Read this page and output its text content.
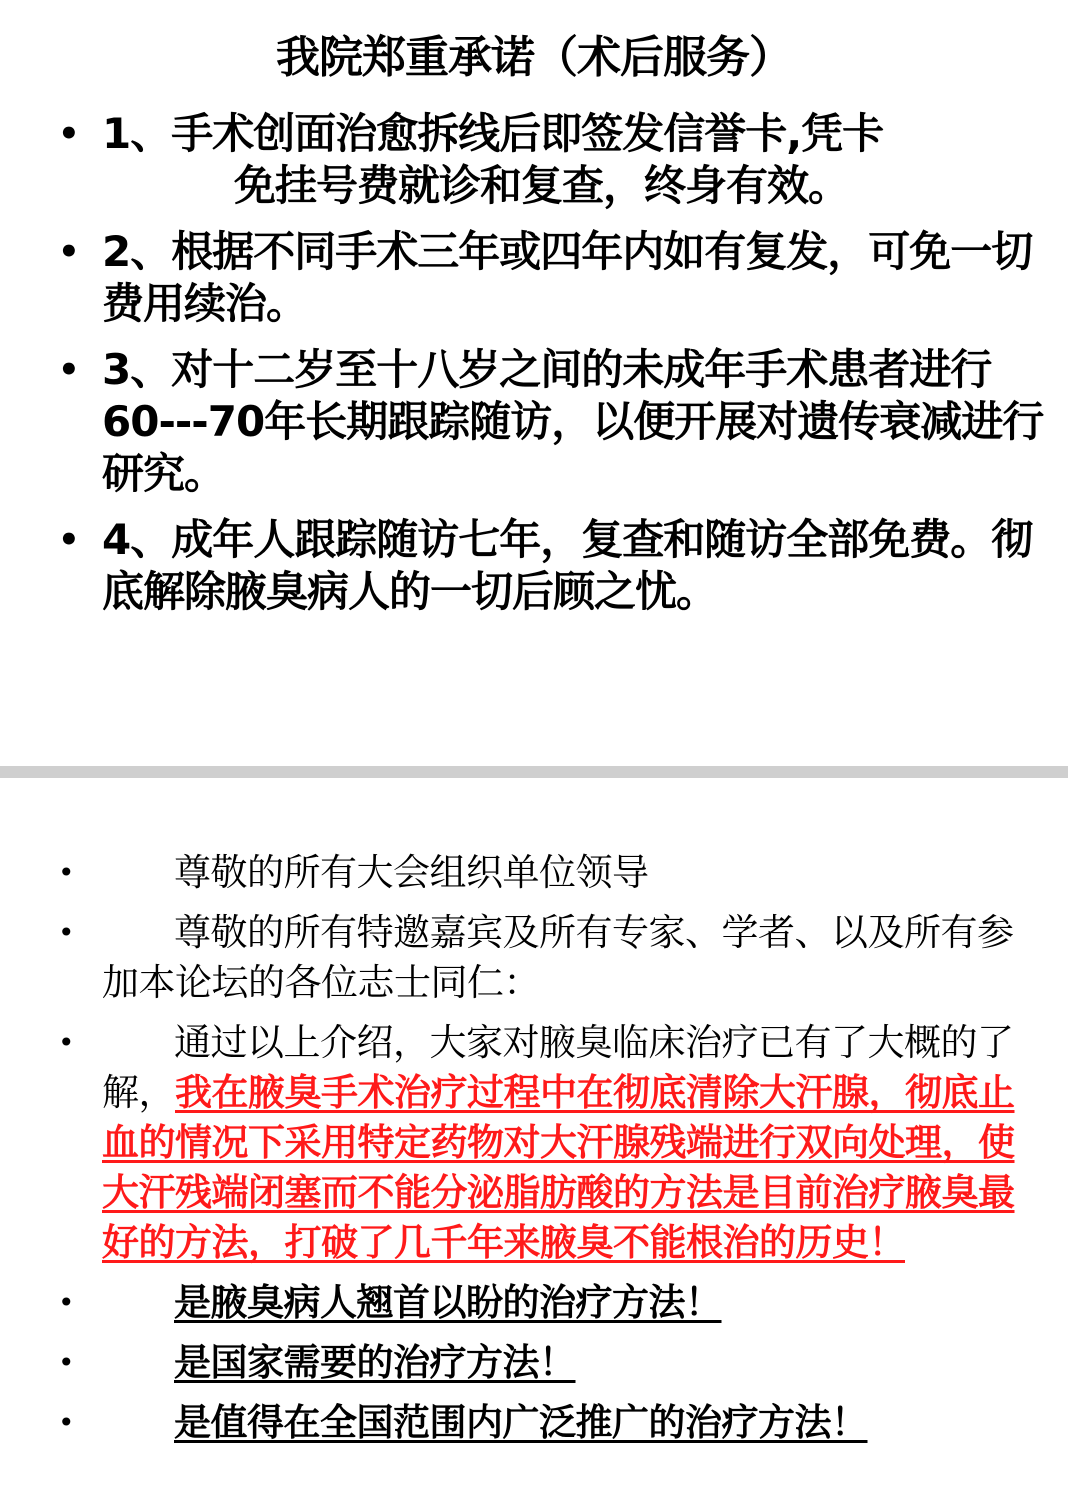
我院郑重承诺（术后服务）
• 1、手术创面治愈拆线后即签发信誉卡,凭卡
免挂号费就诊和复查，终身有效。
• 2、根据不同手术三年或四年内如有复发，可免一切费用续治。
• 3、对十二岁至十八岁之间的未成年手术患者进行60---70年长期跟踪随访，以便开展对遗传衰减进行研究。
• 4、成年人跟踪随访七年，复查和随访全部免费。彻底解除腋臭病人的一切后顾之忧。
•	尊敬的所有大会组织单位领导
•	尊敬的所有特邀嘉宾及所有专家、学者、以及所有参加本论坛的各位志士同仁：
•	通过以上介绍，大家对腋臭临床治疗已有了大概的了解，我在腋臭手术治疗过程中在彻底清除大汗腺，彻底止血的情况下采用特定药物对大汗腺残端进行双向处理，使大汗残端闭塞而不能分泌脂肪酸的方法是目前治疗腋臭最好的方法，打破了几千年来腋臭不能根治的历史！
•	是腋臭病人翘首以盼的治疗方法！
•	是国家需要的治疗方法！
•	是值得在全国范围内广泛推广的治疗方法！
